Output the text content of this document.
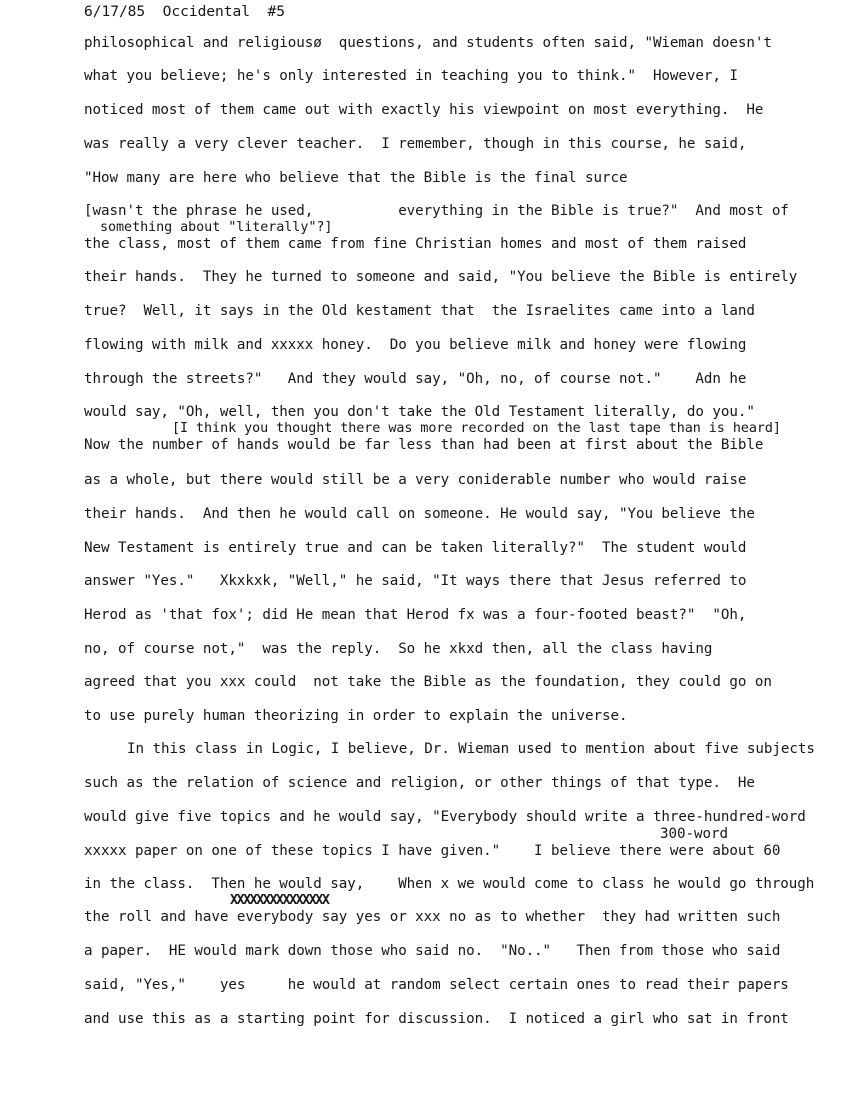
6/17/85  Occidental  #5
philosophical and religiousø  questions, and students often said, "Wieman doesn't
what you believe; he's only interested in teaching you to think."  However, I
noticed most of them came out with exactly his viewpoint on most everything.  He
was really a very clever teacher.  I remember, though in this course, he said,
"How many are here who believe that the Bible is the final surce
[wasn't the phrase he used,          everything in the Bible is true?"  And most of
something about "literally"?]
the class, most of them came from fine Christian homes and most of them raised
their hands.  They he turned to someone and said, "You believe the Bible is entirely
true?  Well, it says in the Old kestament that  the Israelites came into a land
flowing with milk and xxxxx honey.  Do you believe milk and honey were flowing
through the streets?"   And they would say, "Oh, no, of course not."    Adn he
would say, "Oh, well, then you don't take the Old Testament literally, do you."
[I think you thought there was more recorded on the last tape than is heard]
Now the number of hands would be far less than had been at first about the Bible
as a whole, but there would still be a very coniderable number who would raise
their hands.  And then he would call on someone. He would say, "You believe the
New Testament is entirely true and can be taken literally?"  The student would
answer "Yes."   Xkxkxk, "Well," he said, "It ways there that Jesus referred to
Herod as 'that fox'; did He mean that Herod fx was a four-footed beast?"  "Oh,
no, of course not,"  was the reply.  So he xkxd then, all the class having
agreed that you xxx could  not take the Bible as the foundation, they could go on
to use purely human theorizing in order to explain the universe.
In this class in Logic, I believe, Dr. Wieman used to mention about five subjects
such as the relation of science and religion, or other things of that type.  He
would give five topics and he would say, "Everybody should write a three-hundred-word
300-word
xxxxx paper on one of these topics I have given."    I believe there were about 60
in the class.  Then he would say,    When x we would come to class he would go through
XXXXXXXXXXXXXXX
the roll and have everybody say yes or xxx no as to whether  they had written such
a paper.  HE would mark down those who said no.  "No.."   Then from those who said
said, "Yes,"    yes     he would at random select certain ones to read their papers
and use this as a starting point for discussion.  I noticed a girl who sat in front
